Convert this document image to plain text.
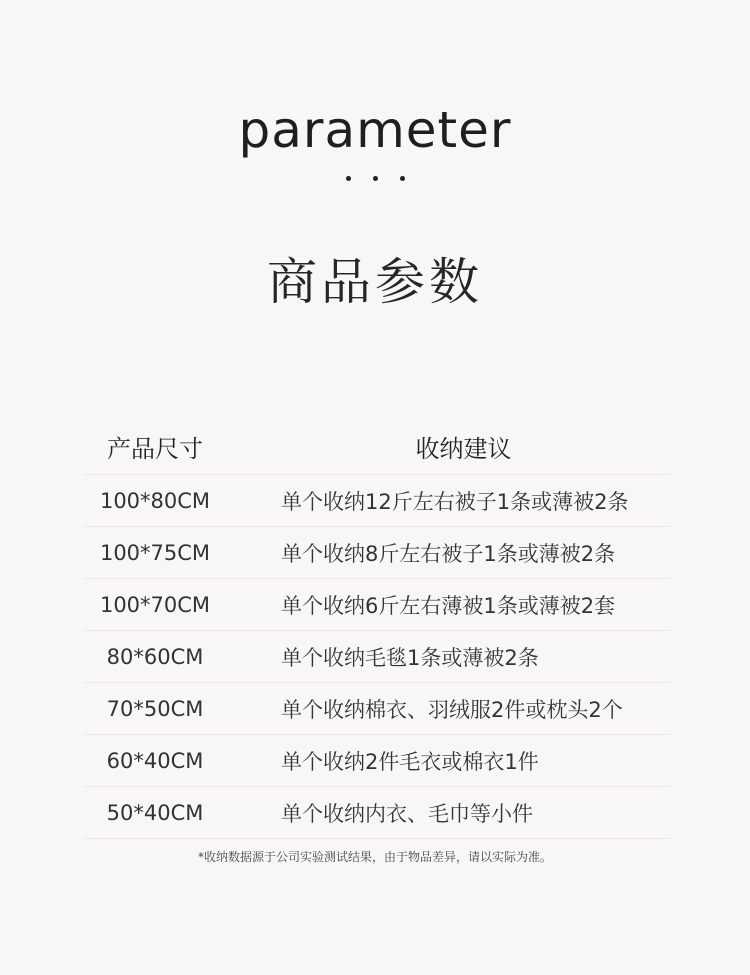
parameter
商品参数
产品尺寸	收纳建议
100*80CM	单个收纳12斤左右被子1条或薄被2条
100*75CM	单个收纳8斤左右被子1条或薄被2条
100*70CM	单个收纳6斤左右薄被1条或薄被2套
80*60CM	单个收纳毛毯1条或薄被2条
70*50CM	单个收纳棉衣、羽绒服2件或枕头2个
60*40CM	单个收纳2件毛衣或棉衣1件
50*40CM	单个收纳内衣、毛巾等小件
*收纳数据源于公司实验测试结果，由于物品差异，请以实际为准。
